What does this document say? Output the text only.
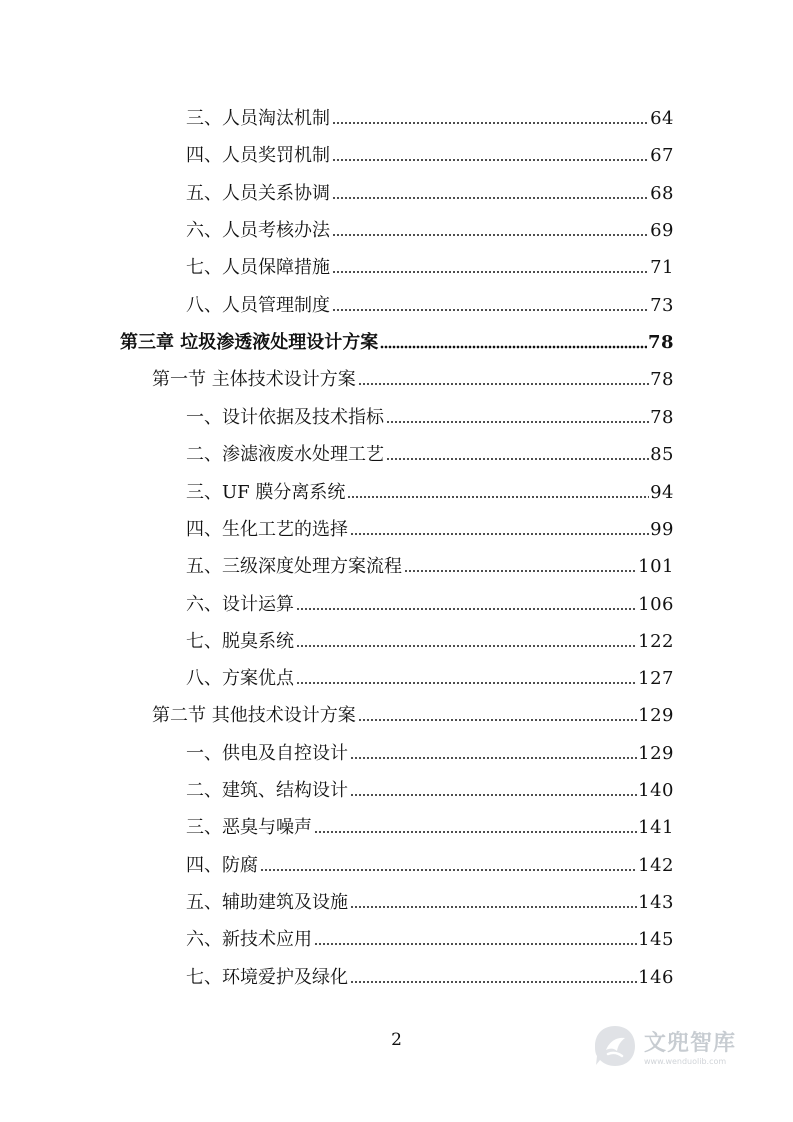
三、人员淘汰机制	64
四、人员奖罚机制	67
五、人员关系协调	68
六、人员考核办法	69
七、人员保障措施	71
八、人员管理制度	73
第三章 垃圾渗透液处理设计方案	78
第一节 主体技术设计方案	78
一、设计依据及技术指标	78
二、渗滤液废水处理工艺	85
三、UF 膜分离系统	94
四、生化工艺的选择	99
五、三级深度处理方案流程	101
六、设计运算	106
七、脱臭系统	122
八、方案优点	127
第二节 其他技术设计方案	129
一、供电及自控设计	129
二、建筑、结构设计	140
三、恶臭与噪声	141
四、防腐	142
五、辅助建筑及设施	143
六、新技术应用	145
七、环境爱护及绿化	146
2	文兜智库
www.wenduolib.com
